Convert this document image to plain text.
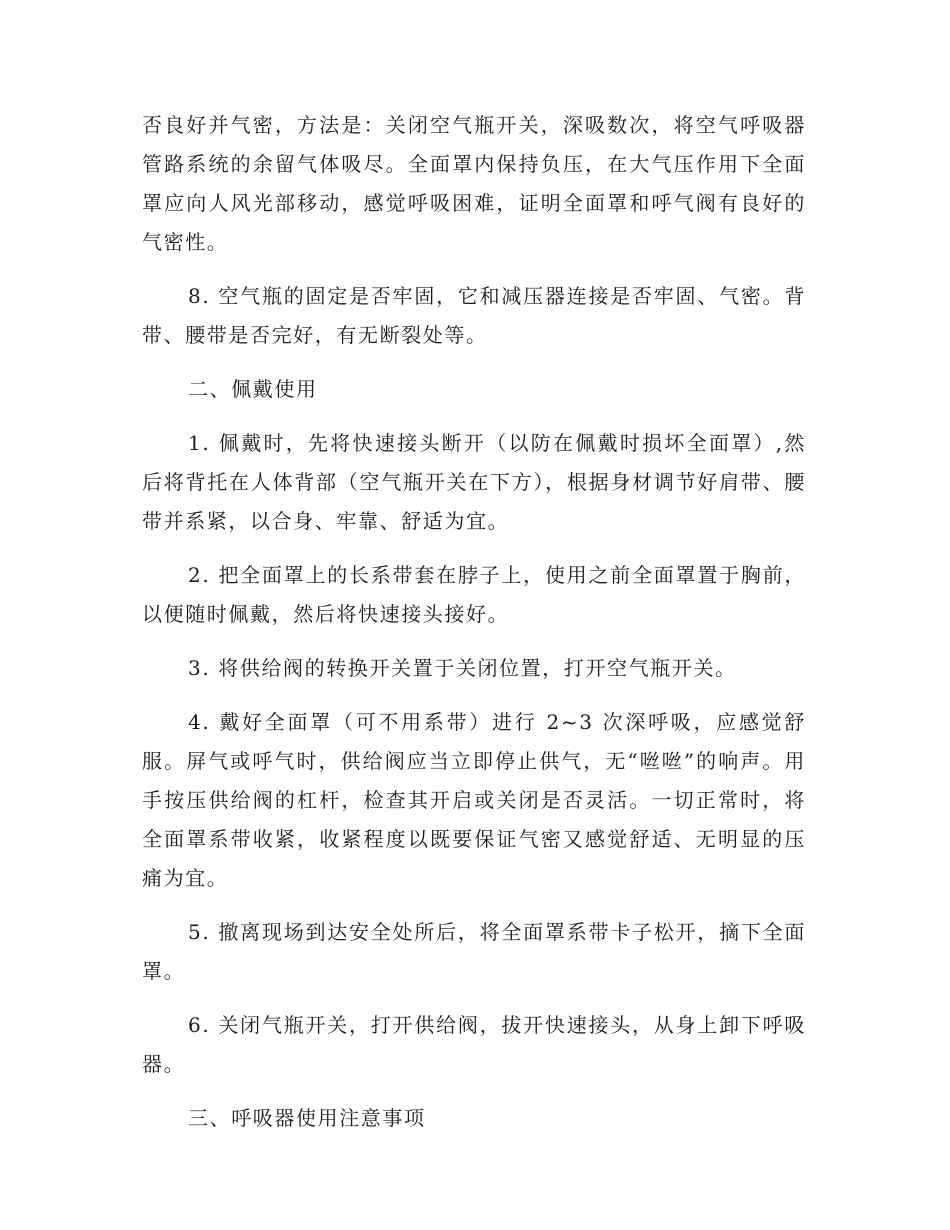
否良好并气密，方法是：关闭空气瓶开关，深吸数次，将空气呼吸器管路系统的余留气体吸尽。全面罩内保持负压，在大气压作用下全面罩应向人风光部移动，感觉呼吸困难，证明全面罩和呼气阀有良好的气密性。

8. 空气瓶的固定是否牢固，它和减压器连接是否牢固、气密。背带、腰带是否完好，有无断裂处等。

二、佩戴使用

1. 佩戴时，先将快速接头断开（以防在佩戴时损坏全面罩）,然后将背托在人体背部（空气瓶开关在下方），根据身材调节好肩带、腰带并系紧，以合身、牢靠、舒适为宜。

2. 把全面罩上的长系带套在脖子上，使用之前全面罩置于胸前，以便随时佩戴，然后将快速接头接好。

3. 将供给阀的转换开关置于关闭位置，打开空气瓶开关。

4. 戴好全面罩（可不用系带）进行 2~3 次深呼吸，应感觉舒服。屏气或呼气时，供给阀应当立即停止供气，无“咝咝”的响声。用手按压供给阀的杠杆，检查其开启或关闭是否灵活。一切正常时，将全面罩系带收紧，收紧程度以既要保证气密又感觉舒适、无明显的压痛为宜。

5. 撤离现场到达安全处所后，将全面罩系带卡子松开，摘下全面罩。

6. 关闭气瓶开关，打开供给阀，拔开快速接头，从身上卸下呼吸器。

三、呼吸器使用注意事项
